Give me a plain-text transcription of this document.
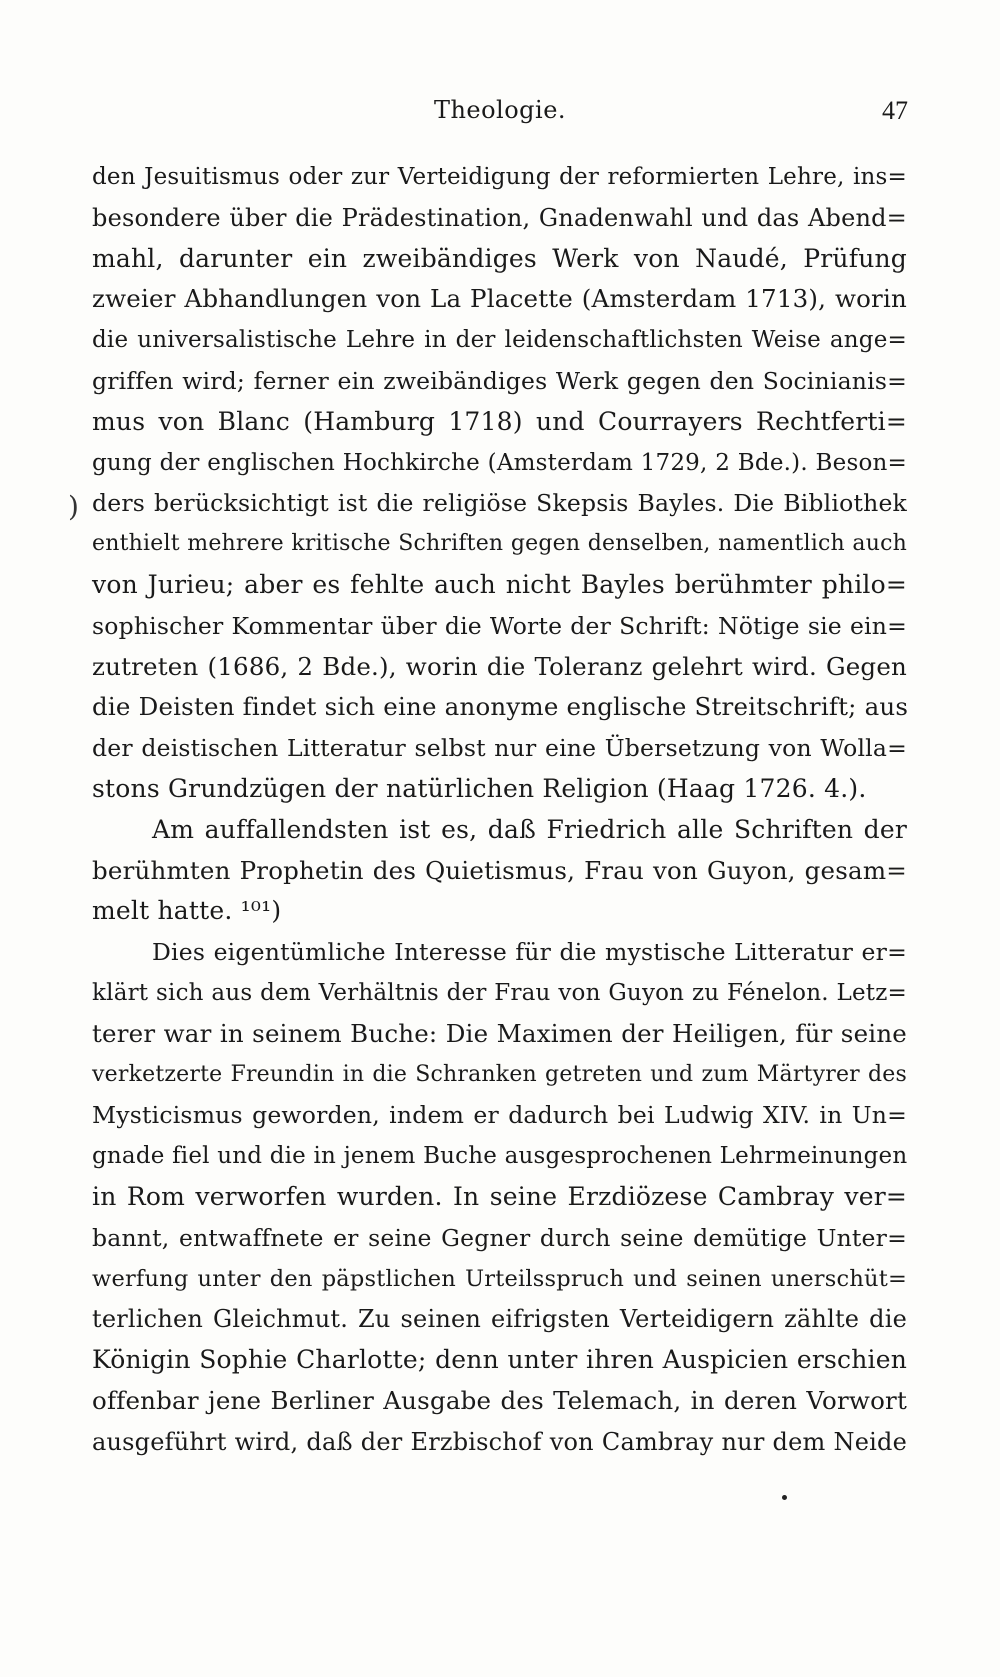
Theologie.	47
)
den Jesuitismus oder zur Verteidigung der reformierten Lehre, ins=
besondere über die Prädestination, Gnadenwahl und das Abend=
mahl, darunter ein zweibändiges Werk von Naudé, Prüfung
zweier Abhandlungen von La Placette (Amsterdam 1713), worin
die universalistische Lehre in der leidenschaftlichsten Weise ange=
griffen wird; ferner ein zweibändiges Werk gegen den Socinianis=
mus von Blanc (Hamburg 1718) und Courrayers Rechtferti=
gung der englischen Hochkirche (Amsterdam 1729, 2 Bde.). Beson=
ders berücksichtigt ist die religiöse Skepsis Bayles. Die Bibliothek
enthielt mehrere kritische Schriften gegen denselben, namentlich auch
von Jurieu; aber es fehlte auch nicht Bayles berühmter philo=
sophischer Kommentar über die Worte der Schrift: Nötige sie ein=
zutreten (1686, 2 Bde.), worin die Toleranz gelehrt wird. Gegen
die Deisten findet sich eine anonyme englische Streitschrift; aus
der deistischen Litteratur selbst nur eine Übersetzung von Wolla=
stons Grundzügen der natürlichen Religion (Haag 1726. 4.).
Am auffallendsten ist es, daß Friedrich alle Schriften der
berühmten Prophetin des Quietismus, Frau von Guyon, gesam=
melt hatte. ¹⁰¹)
Dies eigentümliche Interesse für die mystische Litteratur er=
klärt sich aus dem Verhältnis der Frau von Guyon zu Fénelon. Letz=
terer war in seinem Buche: Die Maximen der Heiligen, für seine
verketzerte Freundin in die Schranken getreten und zum Märtyrer des
Mysticismus geworden, indem er dadurch bei Ludwig XIV. in Un=
gnade fiel und die in jenem Buche ausgesprochenen Lehrmeinungen
in Rom verworfen wurden. In seine Erzdiözese Cambray ver=
bannt, entwaffnete er seine Gegner durch seine demütige Unter=
werfung unter den päpstlichen Urteilsspruch und seinen unerschüt=
terlichen Gleichmut. Zu seinen eifrigsten Verteidigern zählte die
Königin Sophie Charlotte; denn unter ihren Auspicien erschien
offenbar jene Berliner Ausgabe des Telemach, in deren Vorwort
ausgeführt wird, daß der Erzbischof von Cambray nur dem Neide
